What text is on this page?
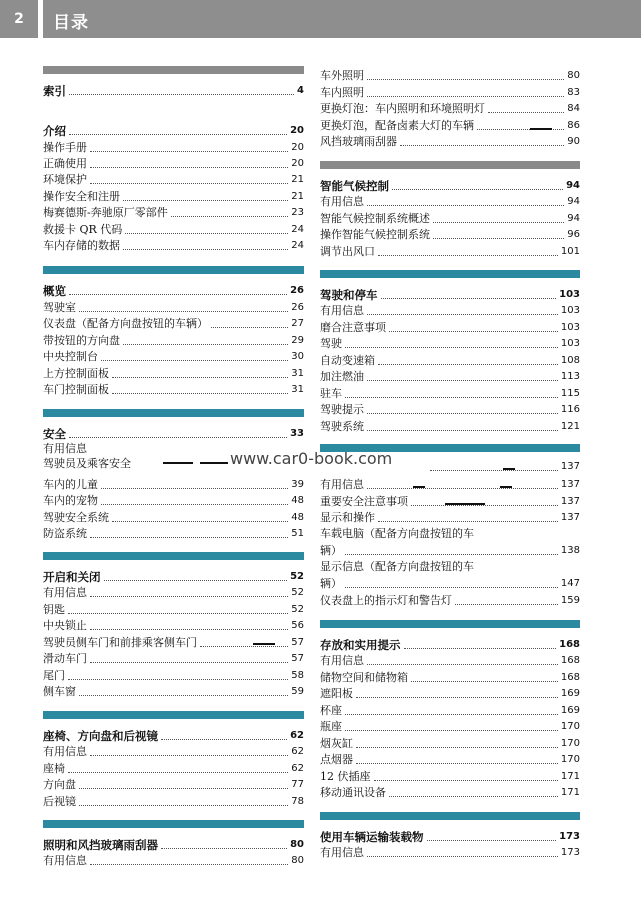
2	目录
索引	4
介绍	20
操作手册	20
正确使用	20
环境保护	21
操作安全和注册	21
梅赛德斯-奔驰原厂零部件	23
救援卡 QR 代码	24
车内存储的数据	24
概览	26
驾驶室	26
仪表盘（配备方向盘按钮的车辆）	27
带按钮的方向盘	29
中央控制台	30
上方控制面板	31
车门控制面板	31
安全	33
有用信息
驾驶员及乘客安全
车内的儿童	39
车内的宠物	48
驾驶安全系统	48
防盗系统	51
开启和关闭	52
有用信息	52
钥匙	52
中央锁止	56
驾驶员侧车门和前排乘客侧车门	57
滑动车门	57
尾门	58
侧车窗	59
座椅、方向盘和后视镜	62
有用信息	62
座椅	62
方向盘	77
后视镜	78
照明和风挡玻璃雨刮器	80
有用信息	80
车外照明	80
车内照明	83
更换灯泡：车内照明和环境照明灯	84
更换灯泡，配备卤素大灯的车辆	86
风挡玻璃雨刮器	90
智能气候控制	94
有用信息	94
智能气候控制系统概述	94
操作智能气候控制系统	96
调节出风口	101
驾驶和停车	103
有用信息	103
磨合注意事项	103
驾驶	103
自动变速箱	108
加注燃油	113
驻车	115
驾驶提示	116
驾驶系统	121
137
有用信息	137
重要安全注意事项	137
显示和操作	137
车载电脑（配备方向盘按钮的车
辆）	138
显示信息（配备方向盘按钮的车
辆）	147
仪表盘上的指示灯和警告灯	159
存放和实用提示	168
有用信息	168
储物空间和储物箱	168
遮阳板	169
杯座	169
瓶座	170
烟灰缸	170
点烟器	170
12 伏插座	171
移动通讯设备	171
使用车辆运输装载物	173
有用信息	173
www.car0-book.com
